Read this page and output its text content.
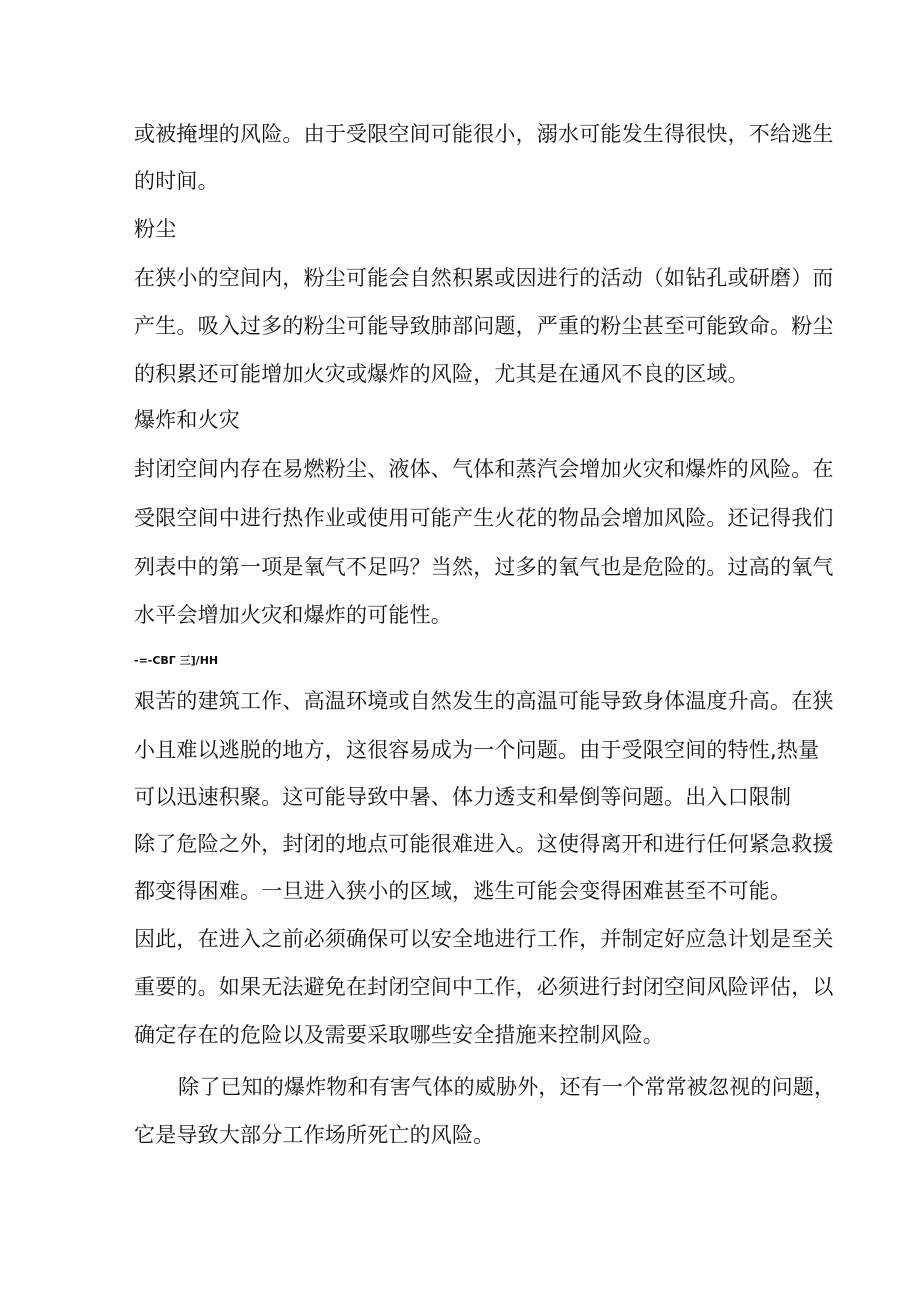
或被掩埋的风险。由于受限空间可能很小，溺水可能发生得很快，不给逃生
的时间。
粉尘
在狭小的空间内，粉尘可能会自然积累或因进行的活动（如钻孔或研磨）而
产生。吸入过多的粉尘可能导致肺部问题，严重的粉尘甚至可能致命。粉尘
的积累还可能增加火灾或爆炸的风险，尤其是在通风不良的区域。
爆炸和火灾
封闭空间内存在易燃粉尘、液体、气体和蒸汽会增加火灾和爆炸的风险。在
受限空间中进行热作业或使用可能产生火花的物品会增加风险。还记得我们
列表中的第一项是氧气不足吗？当然，过多的氧气也是危险的。过高的氧气
水平会增加火灾和爆炸的可能性。
-=-CBΓ 三]/HH
艰苦的建筑工作、高温环境或自然发生的高温可能导致身体温度升高。在狭
小且难以逃脱的地方，这很容易成为一个问题。由于受限空间的特性,热量
可以迅速积聚。这可能导致中暑、体力透支和晕倒等问题。出入口限制
除了危险之外，封闭的地点可能很难进入。这使得离开和进行任何紧急救援
都变得困难。一旦进入狭小的区域，逃生可能会变得困难甚至不可能。
因此，在进入之前必须确保可以安全地进行工作，并制定好应急计划是至关
重要的。如果无法避免在封闭空间中工作，必须进行封闭空间风险评估，以
确定存在的危险以及需要采取哪些安全措施来控制风险。
除了已知的爆炸物和有害气体的威胁外，还有一个常常被忽视的问题，
它是导致大部分工作场所死亡的风险。
